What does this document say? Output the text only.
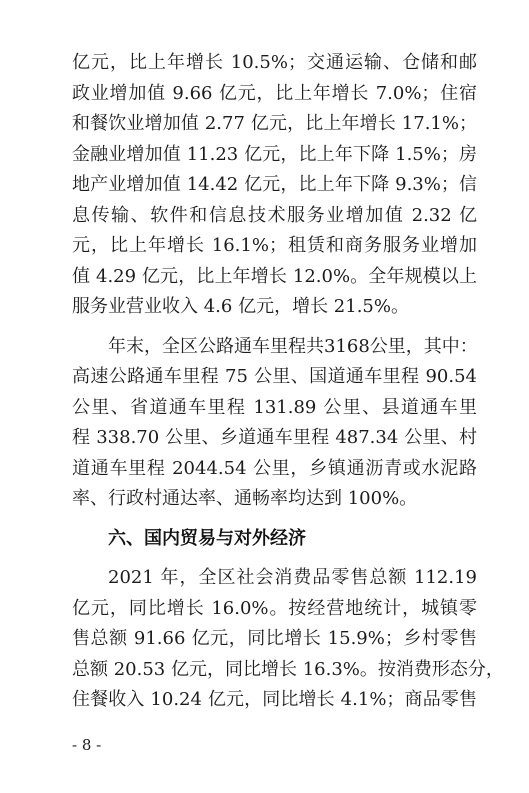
亿元，比上年增长 10.5%；交通运输、仓储和邮
政业增加值 9.66 亿元，比上年增长 7.0%；住宿
和餐饮业增加值 2.77 亿元，比上年增长 17.1%；
金融业增加值 11.23 亿元，比上年下降 1.5%；房
地产业增加值 14.42 亿元，比上年下降 9.3%；信
息传输、软件和信息技术服务业增加值 2.32 亿
元，比上年增长 16.1%；租赁和商务服务业增加
值 4.29 亿元，比上年增长 12.0%。全年规模以上
服务业营业收入 4.6 亿元，增长 21.5%。
年末，全区公路通车里程共3168公里，其中：
高速公路通车里程 75 公里、国道通车里程 90.54
公里、省道通车里程 131.89 公里、县道通车里
程 338.70 公里、乡道通车里程 487.34 公里、村
道通车里程 2044.54 公里，乡镇通沥青或水泥路
率、行政村通达率、通畅率均达到 100%。
六、国内贸易与对外经济
2021 年，全区社会消费品零售总额 112.19
亿元，同比增长 16.0%。按经营地统计，城镇零
售总额 91.66 亿元，同比增长 15.9%；乡村零售
总额 20.53 亿元，同比增长 16.3%。按消费形态分，
住餐收入 10.24 亿元，同比增长 4.1%；商品零售
- 8 -
